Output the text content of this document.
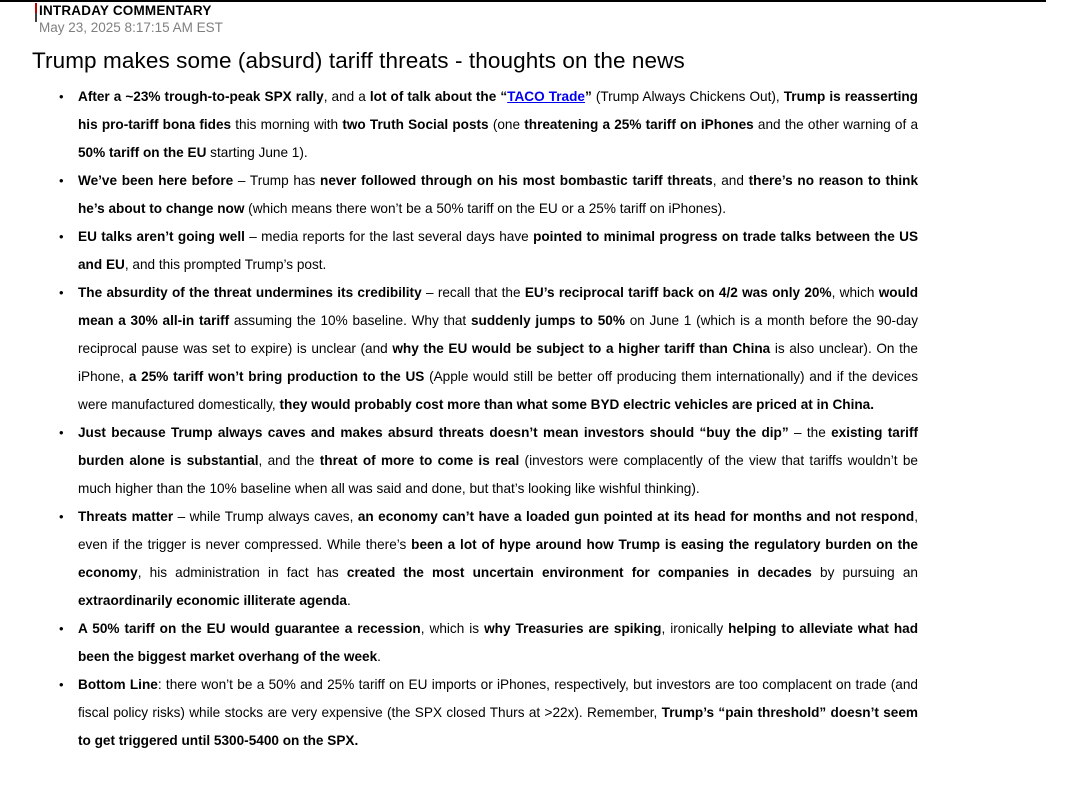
INTRADAY COMMENTARY
May 23, 2025 8:17:15 AM EST
Trump makes some (absurd) tariff threats - thoughts on the news
• After a ~23% trough-to-peak SPX rally, and a lot of talk about the “TACO Trade” (Trump Always Chickens Out), Trump is reasserting his pro-tariff bona fides this morning with two Truth Social posts (one threatening a 25% tariff on iPhones and the other warning of a 50% tariff on the EU starting June 1).
• We’ve been here before – Trump has never followed through on his most bombastic tariff threats, and there’s no reason to think he’s about to change now (which means there won’t be a 50% tariff on the EU or a 25% tariff on iPhones).
• EU talks aren’t going well – media reports for the last several days have pointed to minimal progress on trade talks between the US and EU, and this prompted Trump’s post.
• The absurdity of the threat undermines its credibility – recall that the EU’s reciprocal tariff back on 4/2 was only 20%, which would mean a 30% all-in tariff assuming the 10% baseline. Why that suddenly jumps to 50% on June 1 (which is a month before the 90-day reciprocal pause was set to expire) is unclear (and why the EU would be subject to a higher tariff than China is also unclear). On the iPhone, a 25% tariff won’t bring production to the US (Apple would still be better off producing them internationally) and if the devices were manufactured domestically, they would probably cost more than what some BYD electric vehicles are priced at in China.
• Just because Trump always caves and makes absurd threats doesn’t mean investors should “buy the dip” – the existing tariff burden alone is substantial, and the threat of more to come is real (investors were complacently of the view that tariffs wouldn’t be much higher than the 10% baseline when all was said and done, but that’s looking like wishful thinking).
• Threats matter – while Trump always caves, an economy can’t have a loaded gun pointed at its head for months and not respond, even if the trigger is never compressed. While there’s been a lot of hype around how Trump is easing the regulatory burden on the economy, his administration in fact has created the most uncertain environment for companies in decades by pursuing an extraordinarily economic illiterate agenda.
• A 50% tariff on the EU would guarantee a recession, which is why Treasuries are spiking, ironically helping to alleviate what had been the biggest market overhang of the week.
• Bottom Line: there won’t be a 50% and 25% tariff on EU imports or iPhones, respectively, but investors are too complacent on trade (and fiscal policy risks) while stocks are very expensive (the SPX closed Thurs at >22x). Remember, Trump’s “pain threshold” doesn’t seem to get triggered until 5300-5400 on the SPX.
